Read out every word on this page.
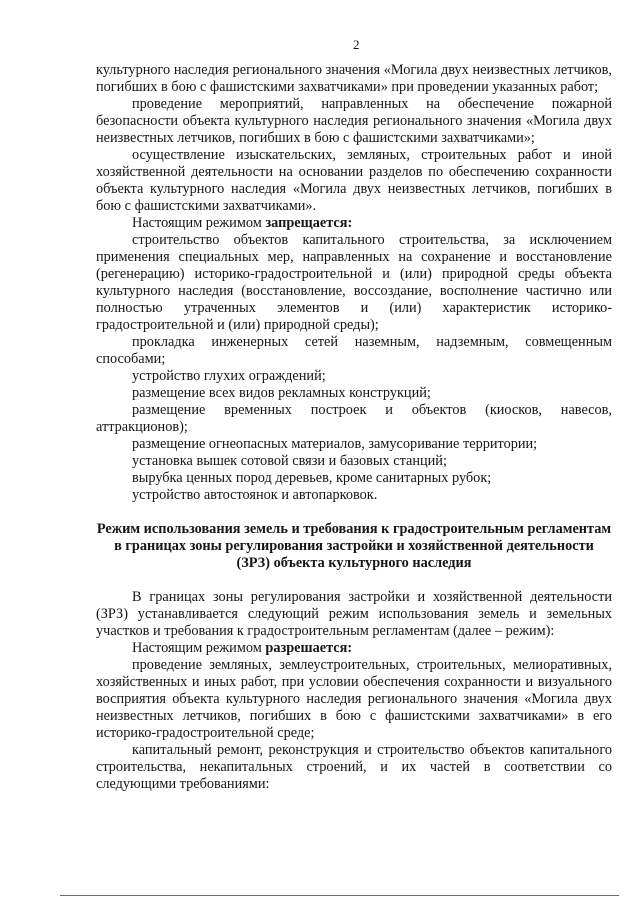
2

культурного наследия регионального значения «Могила двух неизвестных летчиков, погибших в бою с фашистскими захватчиками» при проведении указанных работ;

проведение мероприятий, направленных на обеспечение пожарной безопасности объекта культурного наследия регионального значения «Могила двух неизвестных летчиков, погибших в бою с фашистскими захватчиками»;

осуществление изыскательских, земляных, строительных работ и иной хозяйственной деятельности на основании разделов по обеспечению сохранности объекта культурного наследия «Могила двух неизвестных летчиков, погибших в бою с фашистскими захватчиками».

Настоящим режимом запрещается:

строительство объектов капитального строительства, за исключением применения специальных мер, направленных на сохранение и восстановление (регенерацию) историко-градостроительной и (или) природной среды объекта культурного наследия (восстановление, воссоздание, восполнение частично или полностью утраченных элементов и (или) характеристик историко-градостроительной и (или) природной среды);

прокладка инженерных сетей наземным, надземным, совмещенным способами;

устройство глухих ограждений;

размещение всех видов рекламных конструкций;

размещение временных построек и объектов (киосков, навесов, аттракционов);

размещение огнеопасных материалов, замусоривание территории;

установка вышек сотовой связи и базовых станций;

вырубка ценных пород деревьев, кроме санитарных рубок;

устройство автостоянок и автопарковок.

Режим использования земель и требования к градостроительным регламентам в границах зоны регулирования застройки и хозяйственной деятельности (ЗРЗ) объекта культурного наследия

В границах зоны регулирования застройки и хозяйственной деятельности (ЗРЗ) устанавливается следующий режим использования земель и земельных участков и требования к градостроительным регламентам (далее – режим):

Настоящим режимом разрешается:

проведение земляных, землеустроительных, строительных, мелиоративных, хозяйственных и иных работ, при условии обеспечения сохранности и визуального восприятия объекта культурного наследия регионального значения «Могила двух неизвестных летчиков, погибших в бою с фашистскими захватчиками» в его историко-градостроительной среде;

капитальный ремонт, реконструкция и строительство объектов капитального строительства, некапитальных строений, и их частей в соответствии со следующими требованиями:
